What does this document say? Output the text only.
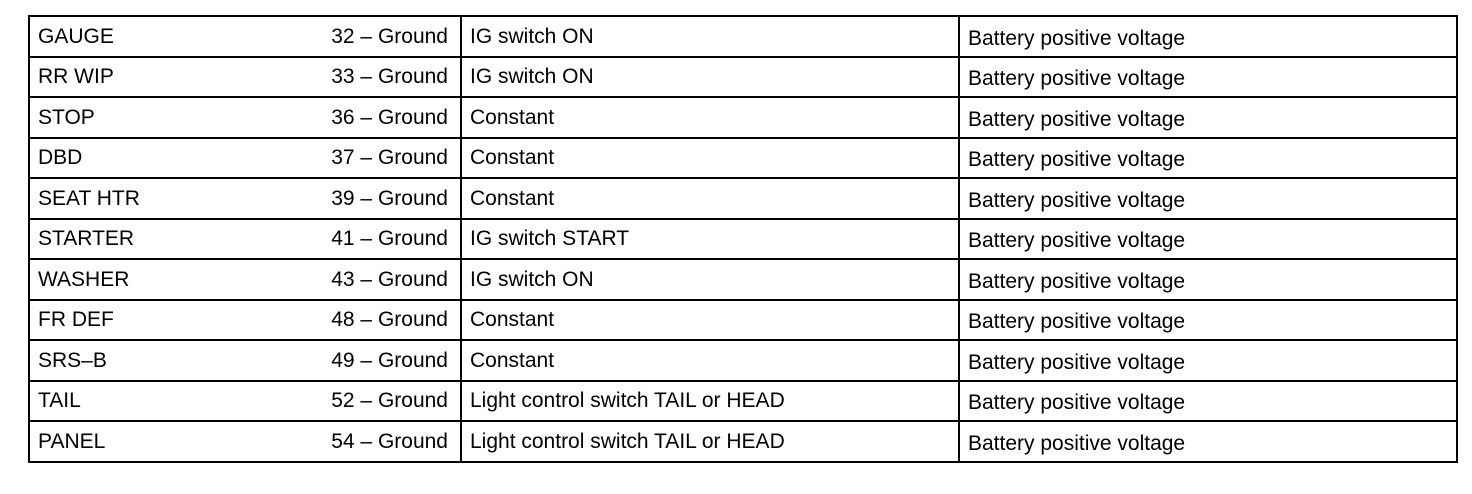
GAUGE 32 – Ground	IG switch ON	Battery positive voltage

RR WIP 33 – Ground	IG switch ON	Battery positive voltage

STOP 36 – Ground	Constant	Battery positive voltage

DBD 37 – Ground	Constant	Battery positive voltage

SEAT HTR 39 – Ground	Constant	Battery positive voltage

STARTER 41 – Ground	IG switch START	Battery positive voltage

WASHER 43 – Ground	IG switch ON	Battery positive voltage

FR DEF 48 – Ground	Constant	Battery positive voltage

SRS–B 49 – Ground	Constant	Battery positive voltage

TAIL 52 – Ground	Light control switch TAIL or HEAD	Battery positive voltage

PANEL 54 – Ground	Light control switch TAIL or HEAD	Battery positive voltage
